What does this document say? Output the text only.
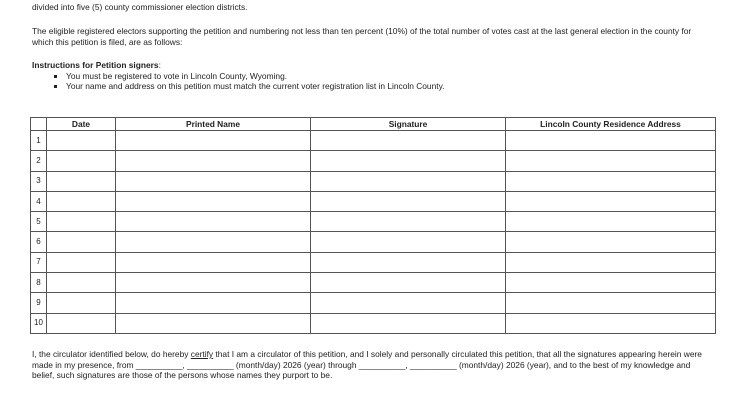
divided into five (5) county commissioner election districts.
The eligible registered electors supporting the petition and numbering not less than ten percent (10%) of the total number of votes cast at the last general election in the county for which this petition is filed, are as follows:
Instructions for Petition signers:
▪ You must be registered to vote in Lincoln County, Wyoming.
▪ Your name and address on this petition must match the current voter registration list in Lincoln County.
	Date	Printed Name	Signature	Lincoln County Residence Address
1				
2				
3				
4				
5				
6				
7				
8				
9				
10				
I, the circulator identified below, do hereby certify that I am a circulator of this petition, and I solely and personally circulated this petition, that all the signatures appearing herein were made in my presence, from __________, __________ (month/day) 2026 (year) through __________, __________ (month/day) 2026 (year), and to the best of my knowledge and belief, such signatures are those of the persons whose names they purport to be.
